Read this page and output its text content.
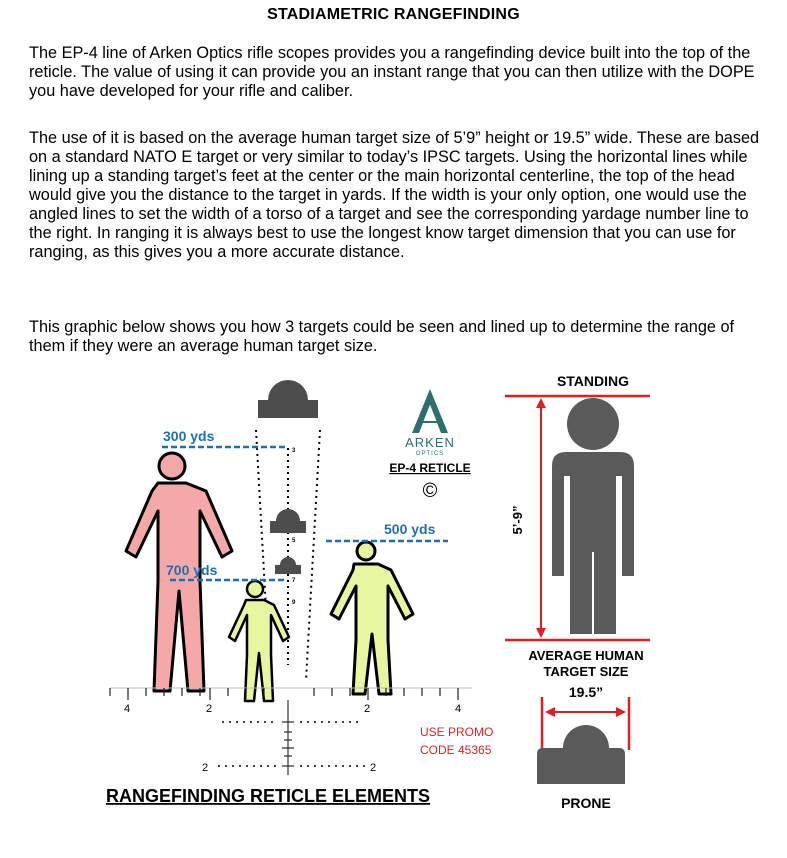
STADIAMETRIC RANGEFINDING

The EP-4 line of Arken Optics rifle scopes provides you a rangefinding device built into the top of the reticle. The value of using it can provide you an instant range that you can then utilize with the DOPE you have developed for your rifle and caliber.

The use of it is based on the average human target size of 5’9” height or 19.5” wide. These are based on a standard NATO E target or very similar to today’s IPSC targets. Using the horizontal lines while lining up a standing target’s feet at the center or the main horizontal centerline, the top of the head would give you the distance to the target in yards. If the width is your only option, one would use the angled lines to set the width of a torso of a target and see the corresponding yardage number line to the right. In ranging it is always best to use the longest know target dimension that you can use for ranging, as this gives you a more accurate distance.

This graphic below shows you how 3 targets could be seen and lined up to determine the range of them if they were an average human target size.

3
5
7
9
300 yds
500 yds
700 yds
4	2	2	4
2	2
ARKEN
OPTICS
EP-4 RETICLE
©
USE PROMO
CODE 45365
RANGEFINDING RETICLE ELEMENTS
STANDING
5’-9”
AVERAGE HUMAN
TARGET SIZE
19.5”
PRONE
